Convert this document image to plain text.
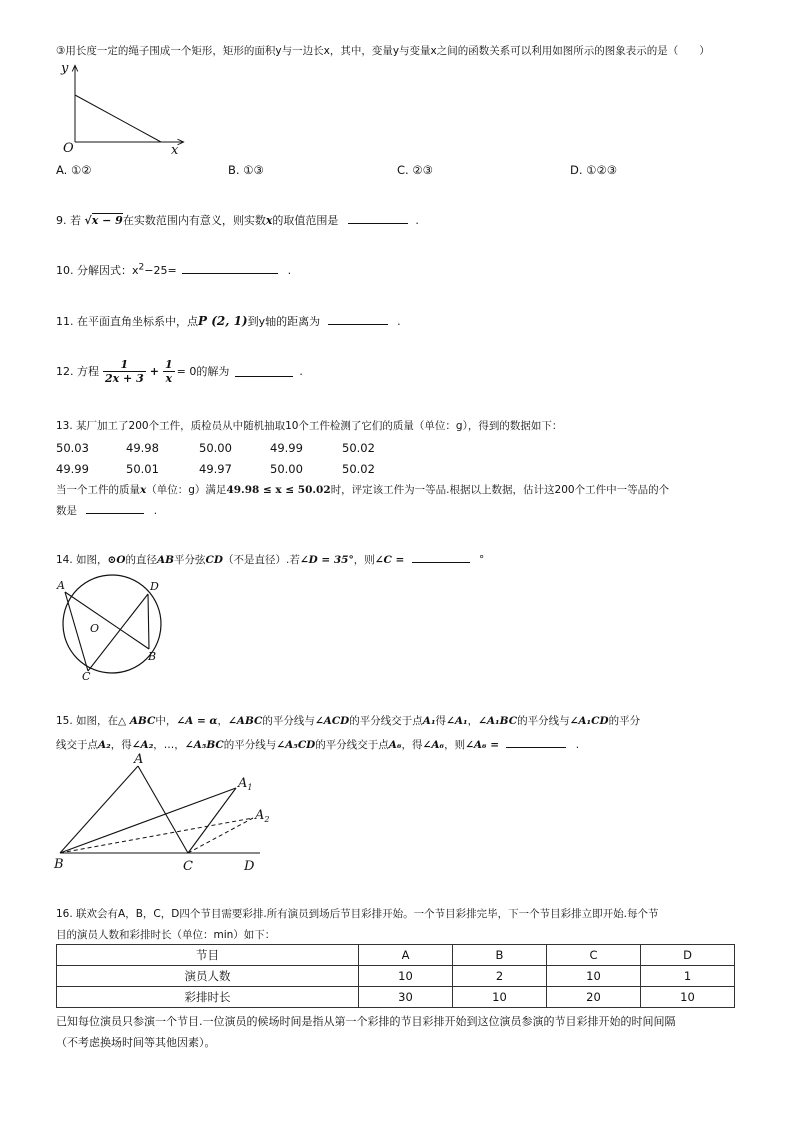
③用长度一定的绳子围成一个矩形，矩形的面积y与一边长x，其中，变量y与变量x之间的函数关系可以利用如图所示的图象表示的是（　　）
y
x
O
A. ①②	B. ①③	C. ②③	D. ①②③
9. 若 √x − 9在实数范围内有意义，则实数x的取值范围是	.
10. 分解因式：$x^2-25=$	.
11. 在平面直角坐标系中，点P (2, 1)到y轴的距离为	.
12. 方程 $\frac{1}{2x + 3} + \frac{1}{x} = 0$的解为	.
13. 某厂加工了200个工件，质检员从中随机抽取10个工件检测了它们的质量（单位：g），得到的数据如下：
50.03	49.98	50.00	49.99	50.02
49.99	50.01	49.97	50.00	50.02
当一个工件的质量x（单位：g）满足49.98 ≤ x ≤ 50.02时，评定该工件为一等品.根据以上数据，估计这200个工件中一等品的个
数是	.
14. 如图，⊙O的直径AB平分弦CD（不是直径）.若∠D = 35°，则∠C =	°
A	D
O
B
C
15. 如图，在△ ABC中，∠A = α，∠ABC的平分线与∠ACD的平分线交于点A₁得∠A₁，∠A₁BC的平分线与∠A₁CD的平分
线交于点A₂，得∠A₂，…，∠A₅BC的平分线与∠A₅CD的平分线交于点A₆，得∠A₆，则∠A₆ =	.
A
$A_1$
$A_2$
B	C	D
16. 联欢会有A，B，C，D四个节目需要彩排.所有演员到场后节目彩排开始。一个节目彩排完毕，下一个节目彩排立即开始.每个节
目的演员人数和彩排时长（单位：min）如下：
节目	A	B	C	D
演员人数	10	2	10	1
彩排时长	30	10	20	10
已知每位演员只参演一个节目.一位演员的候场时间是指从第一个彩排的节目彩排开始到这位演员参演的节目彩排开始的时间间隔
（不考虑换场时间等其他因素）。
